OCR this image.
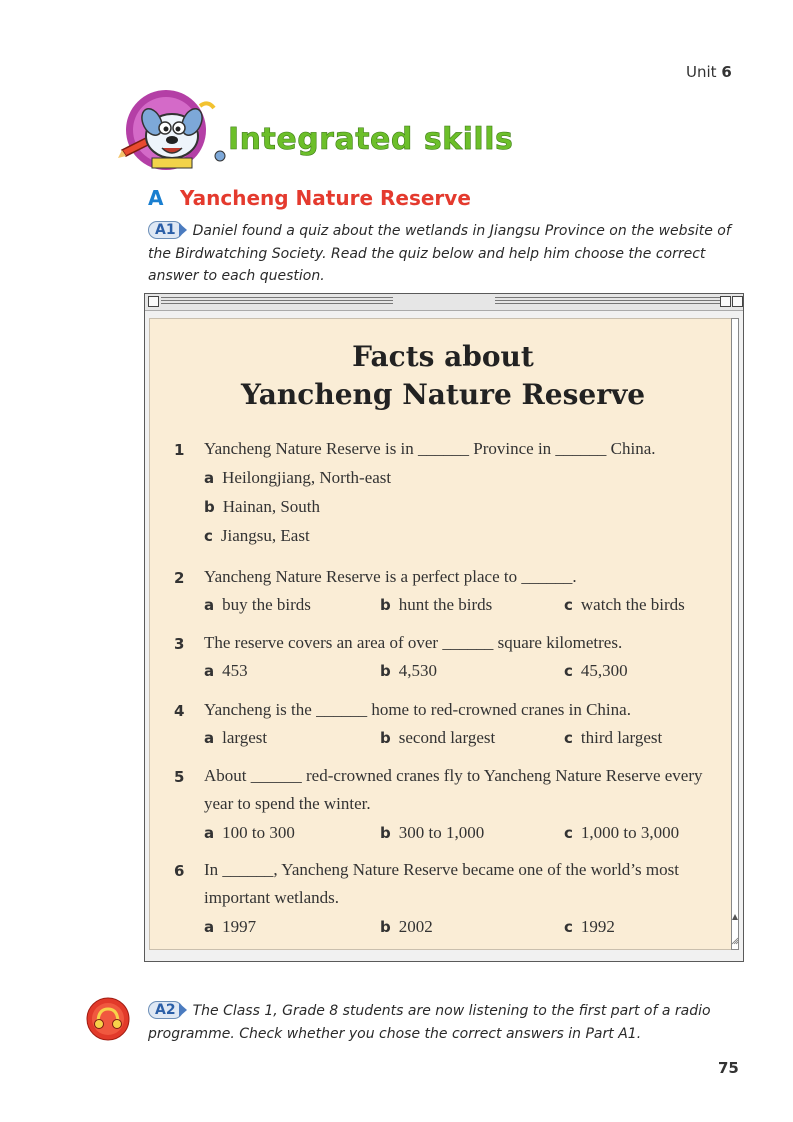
Unit 6
Integrated skills
A Yancheng Nature Reserve
A1 Daniel found a quiz about the wetlands in Jiangsu Province on the website of the Birdwatching Society. Read the quiz below and help him choose the correct answer to each question.
Facts about
Yancheng Nature Reserve
1 Yancheng Nature Reserve is in ______ Province in ______ China.
a Heilongjiang, North-east
b Hainan, South
c Jiangsu, East
2 Yancheng Nature Reserve is a perfect place to ______.
a buy the birds	b hunt the birds	c watch the birds
3 The reserve covers an area of over ______ square kilometres.
a 453	b 4,530	c 45,300
4 Yancheng is the ______ home to red-crowned cranes in China.
a largest	b second largest	c third largest
5 About ______ red-crowned cranes fly to Yancheng Nature Reserve every year to spend the winter.
a 100 to 300	b 300 to 1,000	c 1,000 to 3,000
6 In ______, Yancheng Nature Reserve became one of the world’s most important wetlands.
a 1997	b 2002	c 1992
A2 The Class 1, Grade 8 students are now listening to the first part of a radio programme. Check whether you chose the correct answers in Part A1.
75
